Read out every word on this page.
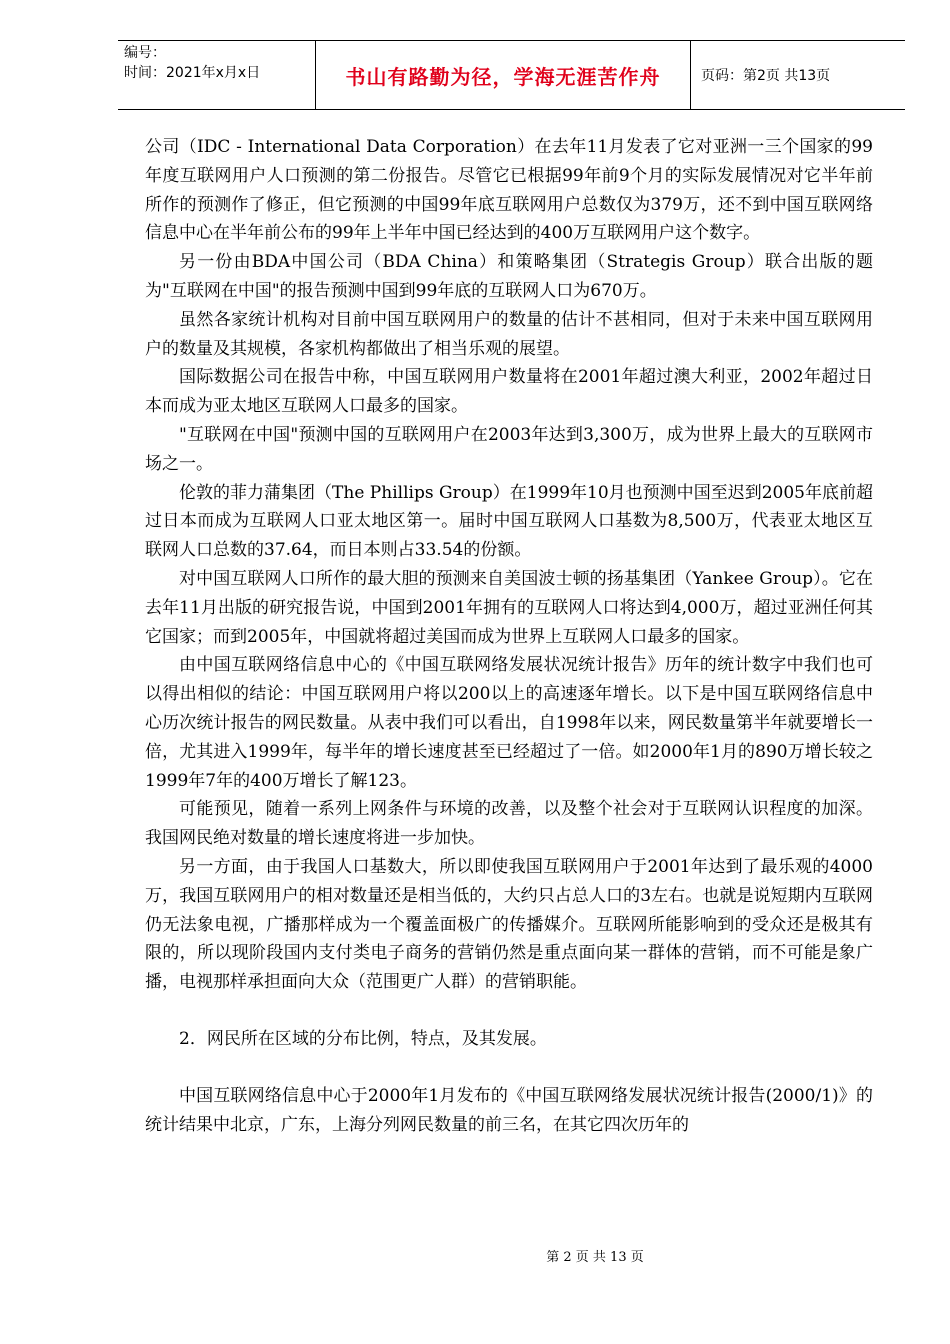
编号：
时间：2021年x月x日	书山有路勤为径，学海无涯苦作舟	页码：第2页 共13页

公司（IDC - International Data Corporation）在去年11月发表了它对亚洲一三个国家的99年度互联网用户人口预测的第二份报告。尽管它已根据99年前9个月的实际发展情况对它半年前所作的预测作了修正，但它预测的中国99年底互联网用户总数仅为379万，还不到中国互联网络信息中心在半年前公布的99年上半年中国已经达到的400万互联网用户这个数字。

另一份由BDA中国公司（BDA China）和策略集团（Strategis Group）联合出版的题为"互联网在中国"的报告预测中国到99年底的互联网人口为670万。

虽然各家统计机构对目前中国互联网用户的数量的估计不甚相同，但对于未来中国互联网用户的数量及其规模，各家机构都做出了相当乐观的展望。

国际数据公司在报告中称，中国互联网用户数量将在2001年超过澳大利亚，2002年超过日本而成为亚太地区互联网人口最多的国家。

"互联网在中国"预测中国的互联网用户在2003年达到3,300万，成为世界上最大的互联网市场之一。

伦敦的菲力蒲集团（The Phillips Group）在1999年10月也预测中国至迟到2005年底前超过日本而成为互联网人口亚太地区第一。届时中国互联网人口基数为8,500万，代表亚太地区互联网人口总数的37.64，而日本则占33.54的份额。

对中国互联网人口所作的最大胆的预测来自美国波士顿的扬基集团（Yankee Group）。它在去年11月出版的研究报告说，中国到2001年拥有的互联网人口将达到4,000万，超过亚洲任何其它国家；而到2005年，中国就将超过美国而成为世界上互联网人口最多的国家。

由中国互联网络信息中心的《中国互联网络发展状况统计报告》历年的统计数字中我们也可以得出相似的结论：中国互联网用户将以200以上的高速逐年增长。以下是中国互联网络信息中心历次统计报告的网民数量。从表中我们可以看出，自1998年以来，网民数量第半年就要增长一倍，尤其进入1999年，每半年的增长速度甚至已经超过了一倍。如2000年1月的890万增长较之1999年7年的400万增长了解123。

可能预见，随着一系列上网条件与环境的改善，以及整个社会对于互联网认识程度的加深。我国网民绝对数量的增长速度将进一步加快。

另一方面，由于我国人口基数大，所以即使我国互联网用户于2001年达到了最乐观的4000万，我国互联网用户的相对数量还是相当低的，大约只占总人口的3左右。也就是说短期内互联网仍无法象电视，广播那样成为一个覆盖面极广的传播媒介。互联网所能影响到的受众还是极其有限的，所以现阶段国内支付类电子商务的营销仍然是重点面向某一群体的营销，而不可能是象广播，电视那样承担面向大众（范围更广人群）的营销职能。

2．网民所在区域的分布比例，特点，及其发展。

中国互联网络信息中心于2000年1月发布的《中国互联网络发展状况统计报告(2000/1)》的统计结果中北京，广东，上海分列网民数量的前三名，在其它四次历年的

第 2 页 共 13 页
